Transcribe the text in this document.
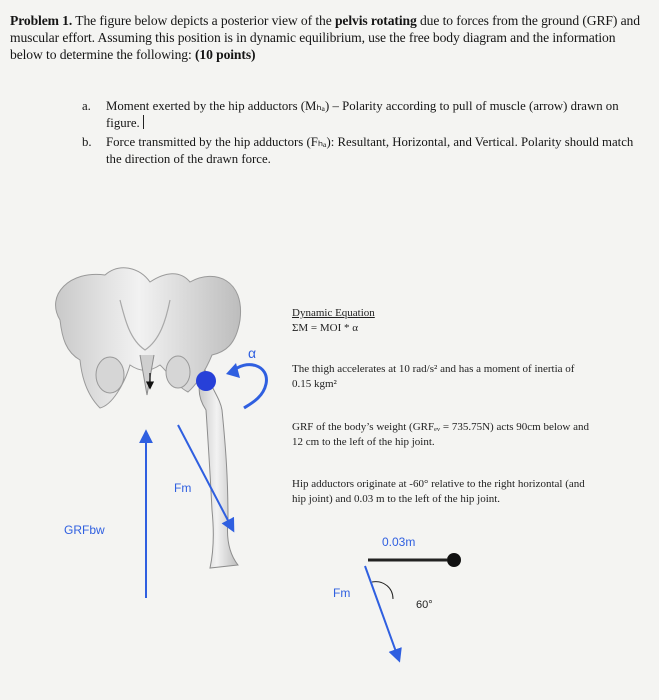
Problem 1. The figure below depicts a posterior view of the pelvis rotating due to forces from the ground (GRF) and muscular effort. Assuming this position is in dynamic equilibrium, use the free body diagram and the information below to determine the following: (10 points)
a. Moment exerted by the hip adductors (Mₕₐ) – Polarity according to pull of muscle (arrow) drawn on figure.
b. Force transmitted by the hip adductors (Fₕₐ): Resultant, Horizontal, and Vertical. Polarity should match the direction of the drawn force.
α
Fm
GRFbw
0.03m
Fm
60°
Dynamic Equation
ΣM = MOI * α
The thigh accelerates at 10 rad/s² and has a moment of inertia of 0.15 kgm²
GRF of the body’s weight (GRFₑᵥ = 735.75N) acts 90cm below and 12 cm to the left of the hip joint.
Hip adductors originate at -60° relative to the right horizontal (and hip joint) and 0.03 m to the left of the hip joint.
